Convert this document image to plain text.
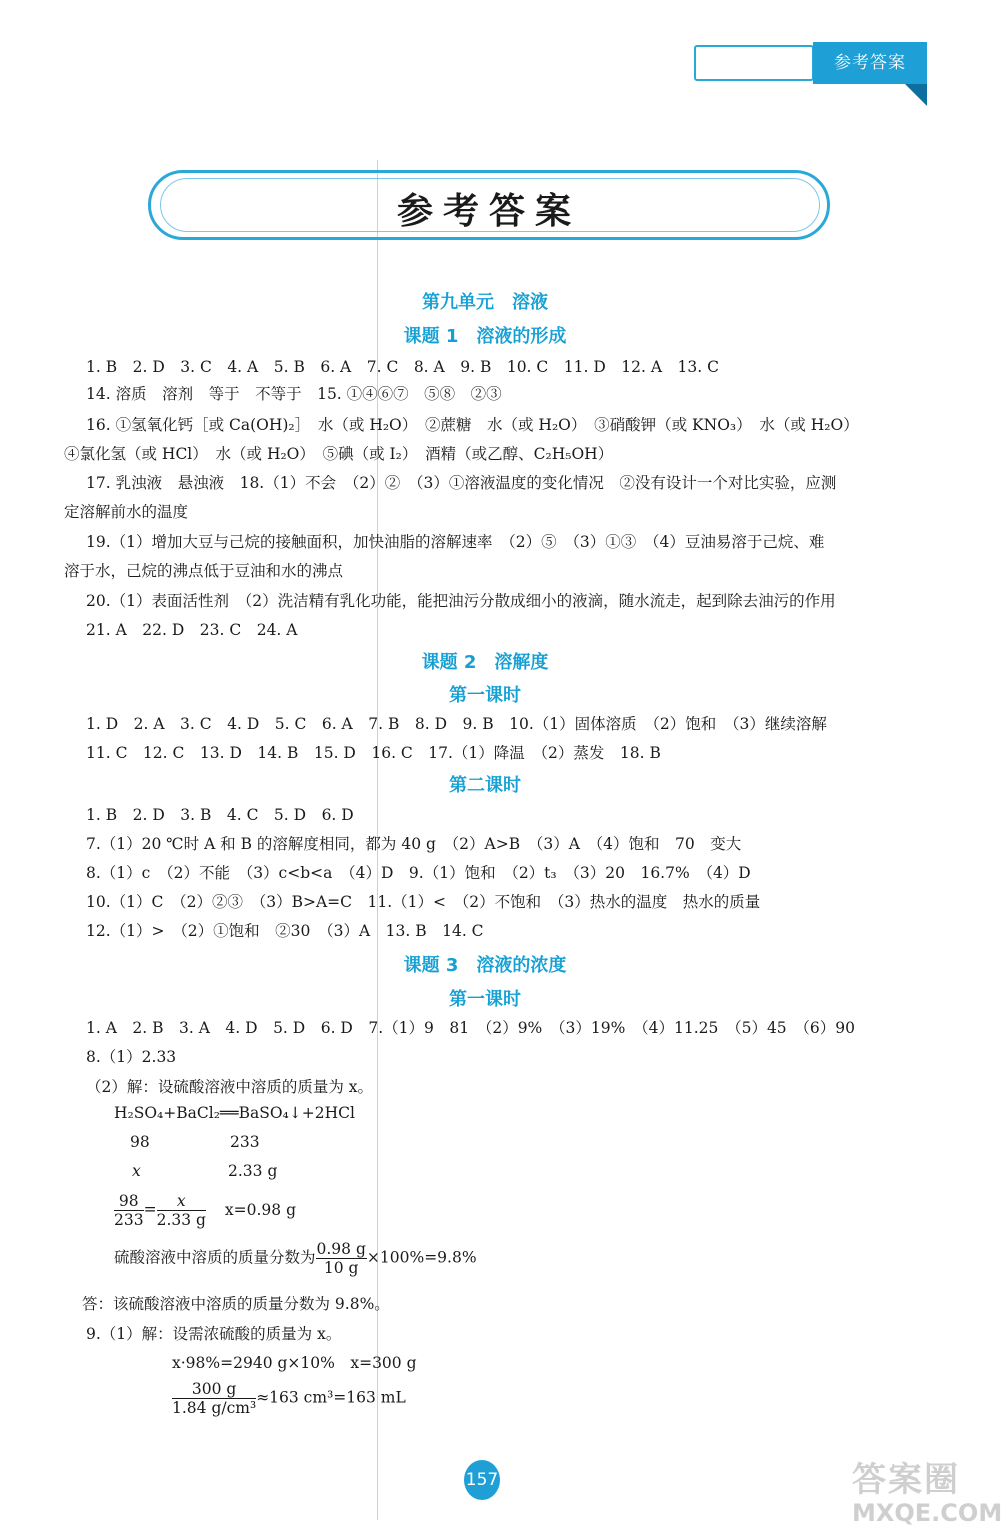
参考答案
参考答案
第九单元　溶液
课题 1　溶液的形成
1. B　2. D　3. C　4. A　5. B　6. A　7. C　8. A　9. B　10. C　11. D　12. A　13. C
14. 溶质　溶剂　等于　不等于　15. ①④⑥⑦　⑤⑧　②③
16. ①氢氧化钙［或 Ca(OH)₂］　水（或 H₂O）　②蔗糖　水（或 H₂O）　③硝酸钾（或 KNO₃）　水（或 H₂O）
④氯化氢（或 HCl）　水（或 H₂O）　⑤碘（或 I₂）　酒精（或乙醇、C₂H₅OH）
17. 乳浊液　悬浊液　18.（1）不会　（2）②　（3）①溶液温度的变化情况　②没有设计一个对比实验，应测
定溶解前水的温度
19.（1）增加大豆与己烷的接触面积，加快油脂的溶解速率　（2）⑤　（3）①③　（4）豆油易溶于己烷、难
溶于水，己烷的沸点低于豆油和水的沸点
20.（1）表面活性剂　（2）洗洁精有乳化功能，能把油污分散成细小的液滴，随水流走，起到除去油污的作用
21. A　22. D　23. C　24. A
课题 2　溶解度
第一课时
1. D　2. A　3. C　4. D　5. C　6. A　7. B　8. D　9. B　10.（1）固体溶质　（2）饱和　（3）继续溶解
11. C　12. C　13. D　14. B　15. D　16. C　17.（1）降温　（2）蒸发　18. B
第二课时
1. B　2. D　3. B　4. C　5. D　6. D
7.（1）20 ℃时 A 和 B 的溶解度相同，都为 40 g　（2）A>B　（3）A　（4）饱和　70　变大
8.（1）c　（2）不能　（3）c<b<a　（4）D　9.（1）饱和　（2）t₃　（3）20　16.7%　（4）D
10.（1）C　（2）②③　（3）B>A=C　11.（1）<　（2）不饱和　（3）热水的温度　热水的质量
12.（1）>　（2）①饱和　②30　（3）A　13. B　14. C
课题 3　溶液的浓度
第一课时
1. A　2. B　3. A　4. D　5. D　6. D　7.（1）9　81　（2）9%　（3）19%　（4）11.25　（5）45　（6）90
8.（1）2.33
（2）解：设硫酸溶液中溶质的质量为 x。
H₂SO₄+BaCl₂══BaSO₄↓+2HCl
98	233
x	2.33 g
$\frac{98}{233} = \frac{x}{2.33 g} x=0.98$ g
硫酸溶液中溶质的质量分数为 $\frac{0.98 g}{10 g} \times 100\%=9.8\%$
答：该硫酸溶液中溶质的质量分数为 9.8%。
9.（1）解：设需浓硫酸的质量为 x。
x·98%=2940 g×10%　x=300 g
$\frac{300 g}{\text{1.84 g/cm³}} \approx 163$ cm³=163 mL
157	答案圈
MXQE.COM
